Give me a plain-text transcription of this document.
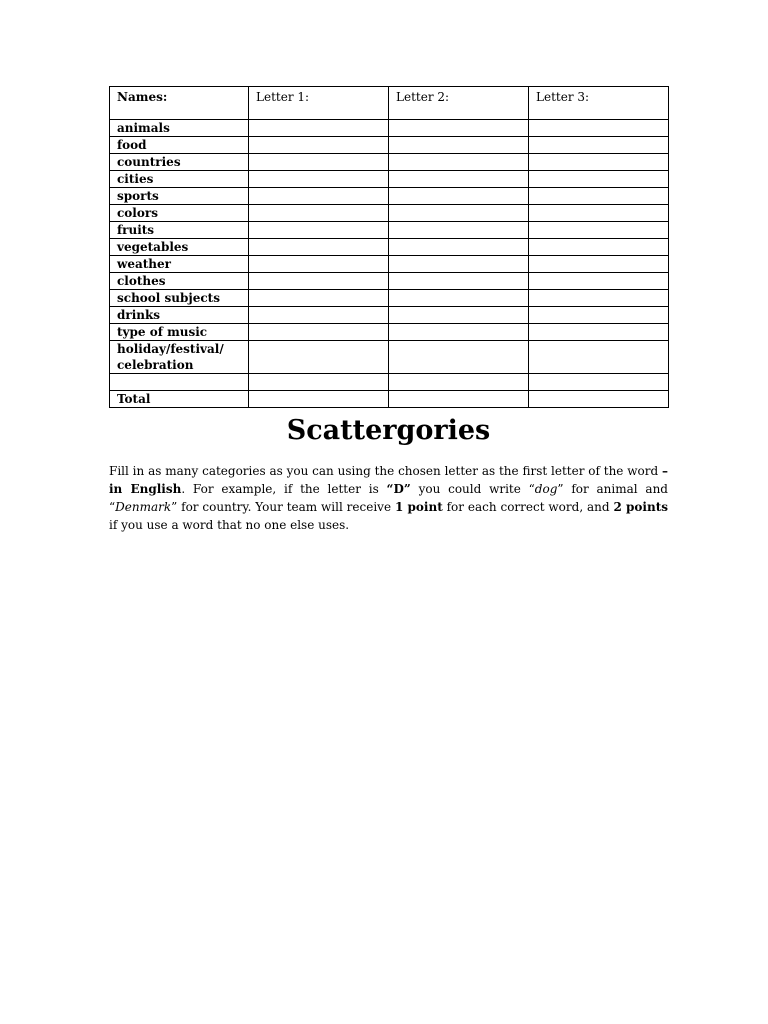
Names:	Letter 1:	Letter 2:	Letter 3:
animals			
food			
countries			
cities			
sports			
colors			
fruits			
vegetables			
weather			
clothes			
school subjects			
drinks			
type of music			
holiday/festival/ celebration			

Total			
Scattergories
Fill in as many categories as you can using the chosen letter as the first letter of the word – in English. For example, if the letter is “D” you could write “dog” for animal and “Denmark” for country. Your team will receive 1 point for each correct word, and 2 points if you use a word that no one else uses.
